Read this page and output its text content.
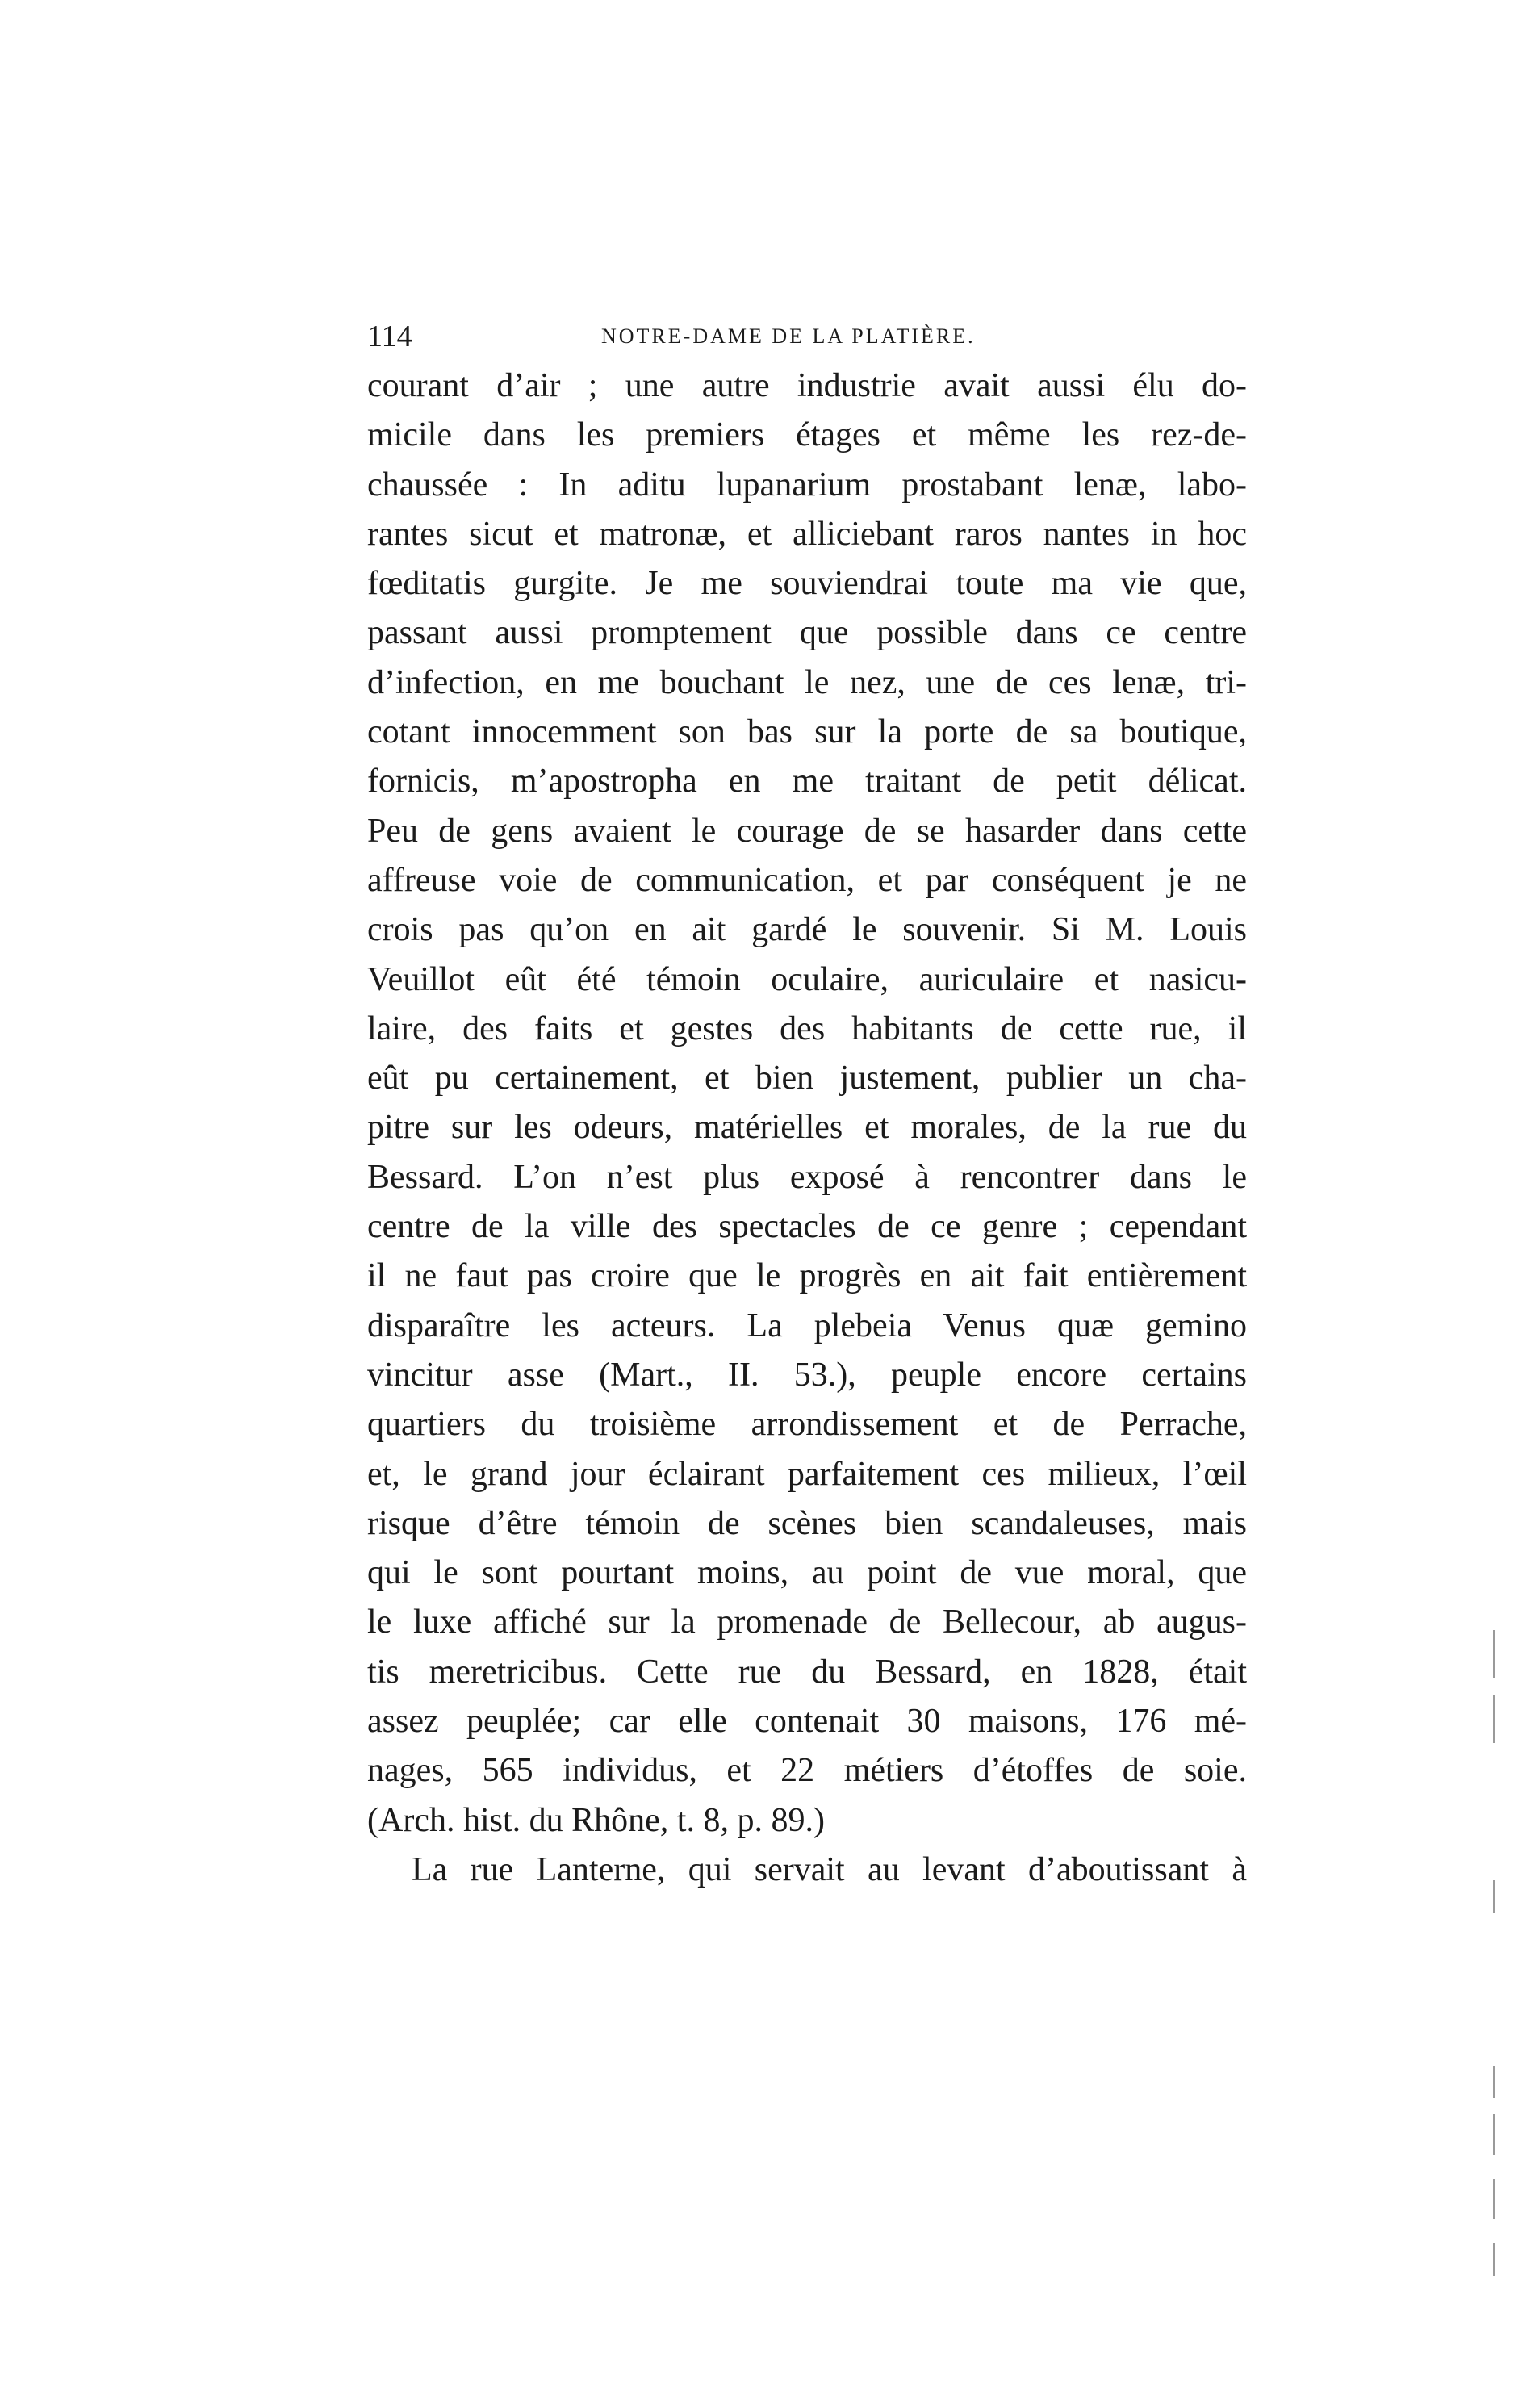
114	NOTRE-DAME DE LA PLATIÈRE.
courant d’air ; une autre industrie avait aussi élu do-
micile dans les premiers étages et même les rez-de-
chaussée : In aditu lupanarium prostabant lenæ, labo-
rantes sicut et matronæ, et alliciebant raros nantes in hoc
fœditatis gurgite. Je me souviendrai toute ma vie que,
passant aussi promptement que possible dans ce centre
d’infection, en me bouchant le nez, une de ces lenæ, tri-
cotant innocemment son bas sur la porte de sa boutique,
fornicis, m’apostropha en me traitant de petit délicat.
Peu de gens avaient le courage de se hasarder dans cette
affreuse voie de communication, et par conséquent je ne
crois pas qu’on en ait gardé le souvenir. Si M. Louis
Veuillot eût été témoin oculaire, auriculaire et nasicu-
laire, des faits et gestes des habitants de cette rue, il
eût pu certainement, et bien justement, publier un cha-
pitre sur les odeurs, matérielles et morales, de la rue du
Bessard. L’on n’est plus exposé à rencontrer dans le
centre de la ville des spectacles de ce genre ; cependant
il ne faut pas croire que le progrès en ait fait entièrement
disparaître les acteurs. La plebeia Venus quæ gemino
vincitur asse (Mart., II. 53.), peuple encore certains
quartiers du troisième arrondissement et de Perrache,
et, le grand jour éclairant parfaitement ces milieux, l’œil
risque d’être témoin de scènes bien scandaleuses, mais
qui le sont pourtant moins, au point de vue moral, que
le luxe affiché sur la promenade de Bellecour, ab augus-
tis meretricibus. Cette rue du Bessard, en 1828, était
assez peuplée; car elle contenait 30 maisons, 176 mé-
nages, 565 individus, et 22 métiers d’étoffes de soie.
(Arch. hist. du Rhône, t. 8, p. 89.)
La rue Lanterne, qui servait au levant d’aboutissant à
